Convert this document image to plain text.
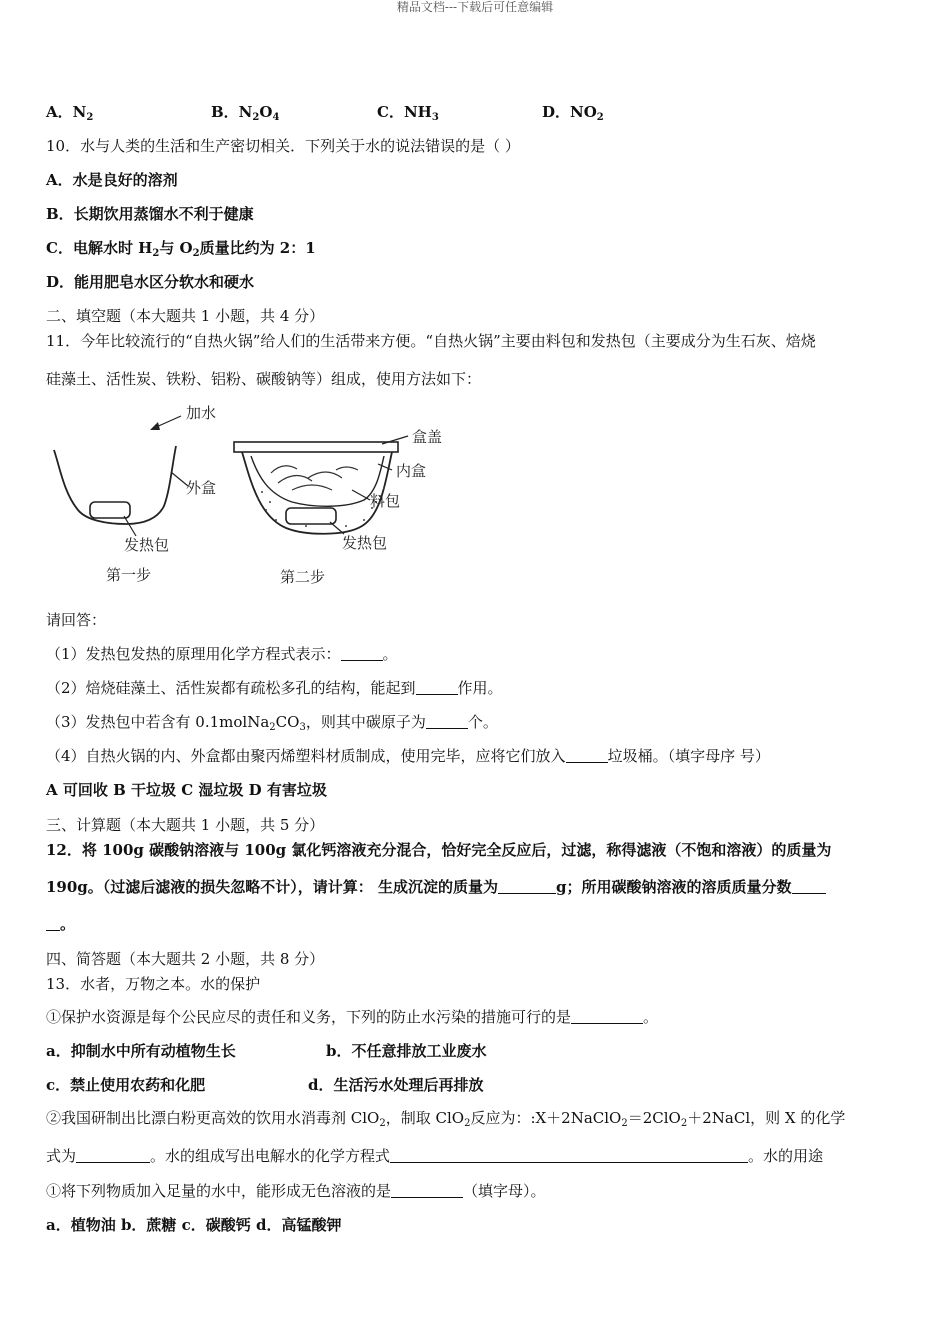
精品文档---下载后可任意编辑
A．$N_2$	B．$N_2O_4$	C．$NH_3$	D．$NO_2$
10．水与人类的生活和生产密切相关．下列关于水的说法错误的是（ ）
A．水是良好的溶剂
B．长期饮用蒸馏水不利于健康
C．电解水时 $H_2$与 $O_2$质量比约为 2：1
D．能用肥皂水区分软水和硬水
二、填空题（本大题共 1 小题，共 4 分）
11．今年比较流行的“自热火锅”给人们的生活带来方便。“自热火锅”主要由料包和发热包（主要成分为生石灰、焙烧
硅藻土、活性炭、铁粉、铝粉、碳酸钠等）组成，使用方法如下：
外盒
发热包
第一步
加水
盒盖
内盒
料包
发热包
第二步
请回答：
（1）发热包发热的原理用化学方程式表示：	。
（2）焙烧硅藻土、活性炭都有疏松多孔的结构，能起到	作用。
（3）发热包中若含有 $0.1molNa_2CO_3$，则其中碳原子为	个。
（4）自热火锅的内、外盒都由聚丙烯塑料材质制成，使用完毕，应将它们放入	垃圾桶。（填字母序 号）
A 可回收 B 干垃圾 C 湿垃圾 D 有害垃圾
三、计算题（本大题共 1 小题，共 5 分）
12．将 100g 碳酸钠溶液与 100g 氯化钙溶液充分混合，恰好完全反应后，过滤，称得滤液（不饱和溶液）的质量为
190g。（过滤后滤液的损失忽略不计），请计算： 生成沉淀的质量为	g；所用碳酸钠溶液的溶质质量分数
。
四、简答题（本大题共 2 小题，共 8 分）
13．水者，万物之本。水的保护
①保护水资源是每个公民应尽的责任和义务，下列的防止水污染的措施可行的是	。
a．抑制水中所有动植物生长	b．不任意排放工业废水
c．禁止使用农药和化肥	d．生活污水处理后再排放
②我国研制出比漂白粉更高效的饮用水消毒剂 ClO$_2$，制取 ClO$_2$反应为：:X＋2NaClO$_2$＝2ClO$_2$＋2NaCl，则 X 的化学
式为	。水的组成写出电解水的化学方程式	。水的用途
①将下列物质加入足量的水中，能形成无色溶液的是	（填字母）。
a．植物油 b．蔗糖 c．碳酸钙 d．高锰酸钾
